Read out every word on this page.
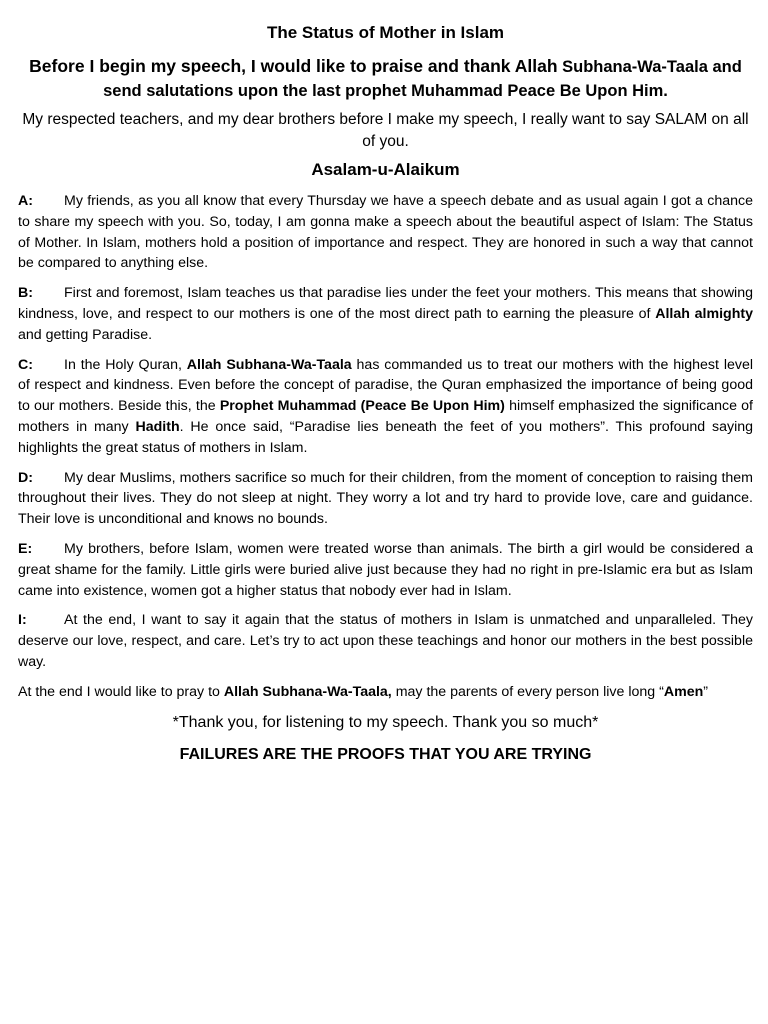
The Status of Mother in Islam

Before I begin my speech, I would like to praise and thank Allah Subhana-Wa-Taala and send salutations upon the last prophet Muhammad Peace Be Upon Him.

My respected teachers, and my dear brothers before I make my speech, I really want to say SALAM on all of you.

Asalam-u-Alaikum

A: My friends, as you all know that every Thursday we have a speech debate and as usual again I got a chance to share my speech with you. So, today, I am gonna make a speech about the beautiful aspect of Islam: The Status of Mother. In Islam, mothers hold a position of importance and respect. They are honored in such a way that cannot be compared to anything else.

B: First and foremost, Islam teaches us that paradise lies under the feet your mothers. This means that showing kindness, love, and respect to our mothers is one of the most direct path to earning the pleasure of Allah almighty and getting Paradise.

C: In the Holy Quran, Allah Subhana-Wa-Taala has commanded us to treat our mothers with the highest level of respect and kindness. Even before the concept of paradise, the Quran emphasized the importance of being good to our mothers. Beside this, the Prophet Muhammad (Peace Be Upon Him) himself emphasized the significance of mothers in many Hadith. He once said, “Paradise lies beneath the feet of you mothers”. This profound saying highlights the great status of mothers in Islam.

D: My dear Muslims, mothers sacrifice so much for their children, from the moment of conception to raising them throughout their lives. They do not sleep at night. They worry a lot and try hard to provide love, care and guidance. Their love is unconditional and knows no bounds.

E: My brothers, before Islam, women were treated worse than animals. The birth a girl would be considered a great shame for the family. Little girls were buried alive just because they had no right in pre-Islamic era but as Islam came into existence, women got a higher status that nobody ever had in Islam.

I:	At the end, I want to say it again that the status of mothers in Islam is unmatched and unparalleled. They deserve our love, respect, and care. Let’s try to act upon these teachings and honor our mothers in the best possible way.

At the end I would like to pray to Allah Subhana-Wa-Taala, may the parents of every person live long “Amen”

*Thank you, for listening to my speech. Thank you so much*

FAILURES ARE THE PROOFS THAT YOU ARE TRYING
